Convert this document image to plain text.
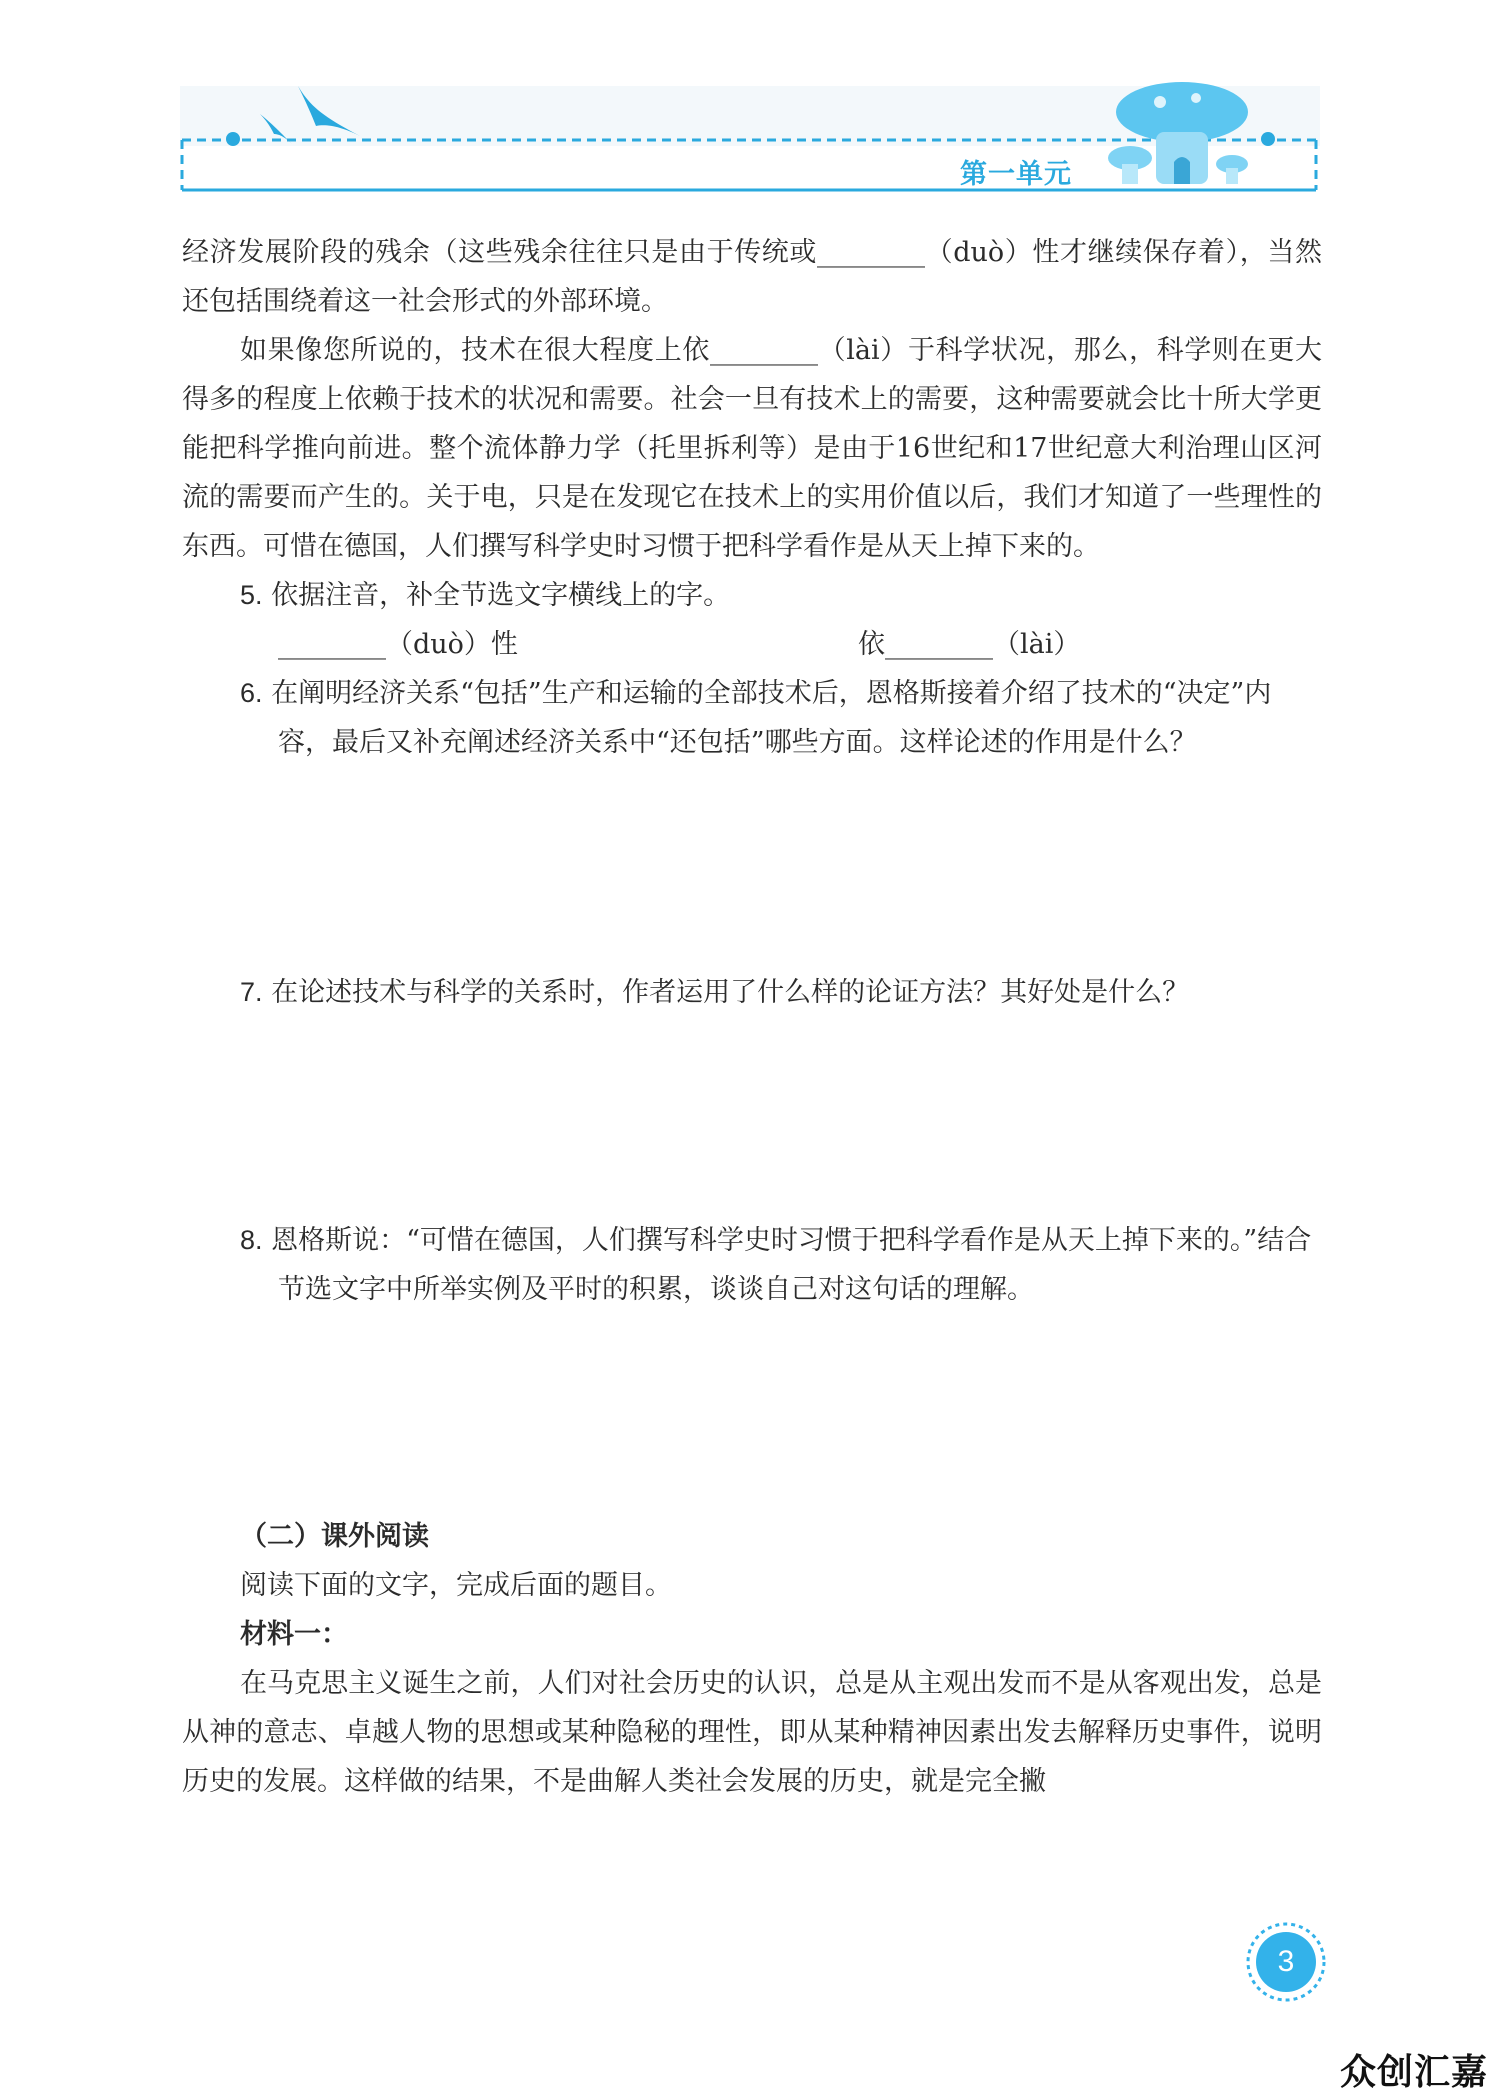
第一单元

经济发展阶段的残余（这些残余往往只是由于传统或________（duò）性才继续保存着），当然还包括围绕着这一社会形式的外部环境。

如果像您所说的，技术在很大程度上依________（lài）于科学状况，那么，科学则在更大得多的程度上依赖于技术的状况和需要。社会一旦有技术上的需要，这种需要就会比十所大学更能把科学推向前进。整个流体静力学（托里拆利等）是由于16世纪和17世纪意大利治理山区河流的需要而产生的。关于电，只是在发现它在技术上的实用价值以后，我们才知道了一些理性的东西。可惜在德国，人们撰写科学史时习惯于把科学看作是从天上掉下来的。

5. 依据注音，补全节选文字横线上的字。

________（duò）性	依________（lài）

6. 在阐明经济关系“包括”生产和运输的全部技术后，恩格斯接着介绍了技术的“决定”内容，最后又补充阐述经济关系中“还包括”哪些方面。这样论述的作用是什么？

7. 在论述技术与科学的关系时，作者运用了什么样的论证方法？其好处是什么？

8. 恩格斯说：“可惜在德国，人们撰写科学史时习惯于把科学看作是从天上掉下来的。”结合节选文字中所举实例及平时的积累，谈谈自己对这句话的理解。

（二）课外阅读

阅读下面的文字，完成后面的题目。

材料一：

在马克思主义诞生之前，人们对社会历史的认识，总是从主观出发而不是从客观出发，总是从神的意志、卓越人物的思想或某种隐秘的理性，即从某种精神因素出发去解释历史事件，说明历史的发展。这样做的结果，不是曲解人类社会发展的历史，就是完全撇

3
众创汇嘉
